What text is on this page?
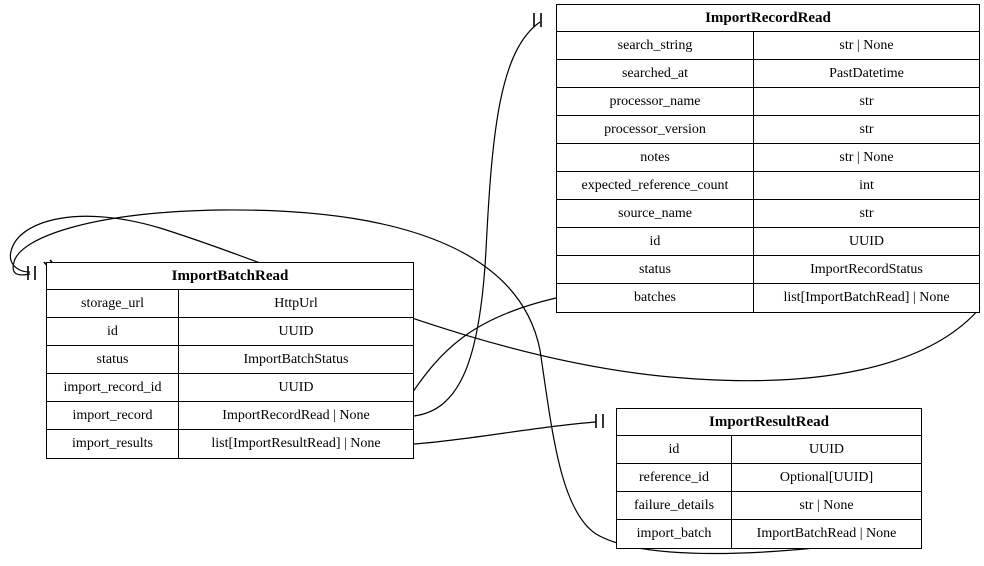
ImportRecordRead
search_string	str | None
searched_at	PastDatetime
processor_name	str
processor_version	str
notes	str | None
expected_reference_count	int
source_name	str
id	UUID
status	ImportRecordStatus
batches	list[ImportBatchRead] | None
ImportBatchRead
storage_url	HttpUrl
id	UUID
status	ImportBatchStatus
import_record_id	UUID
import_record	ImportRecordRead | None
import_results	list[ImportResultRead] | None
ImportResultRead
id	UUID
reference_id	Optional[UUID]
failure_details	str | None
import_batch	ImportBatchRead | None
